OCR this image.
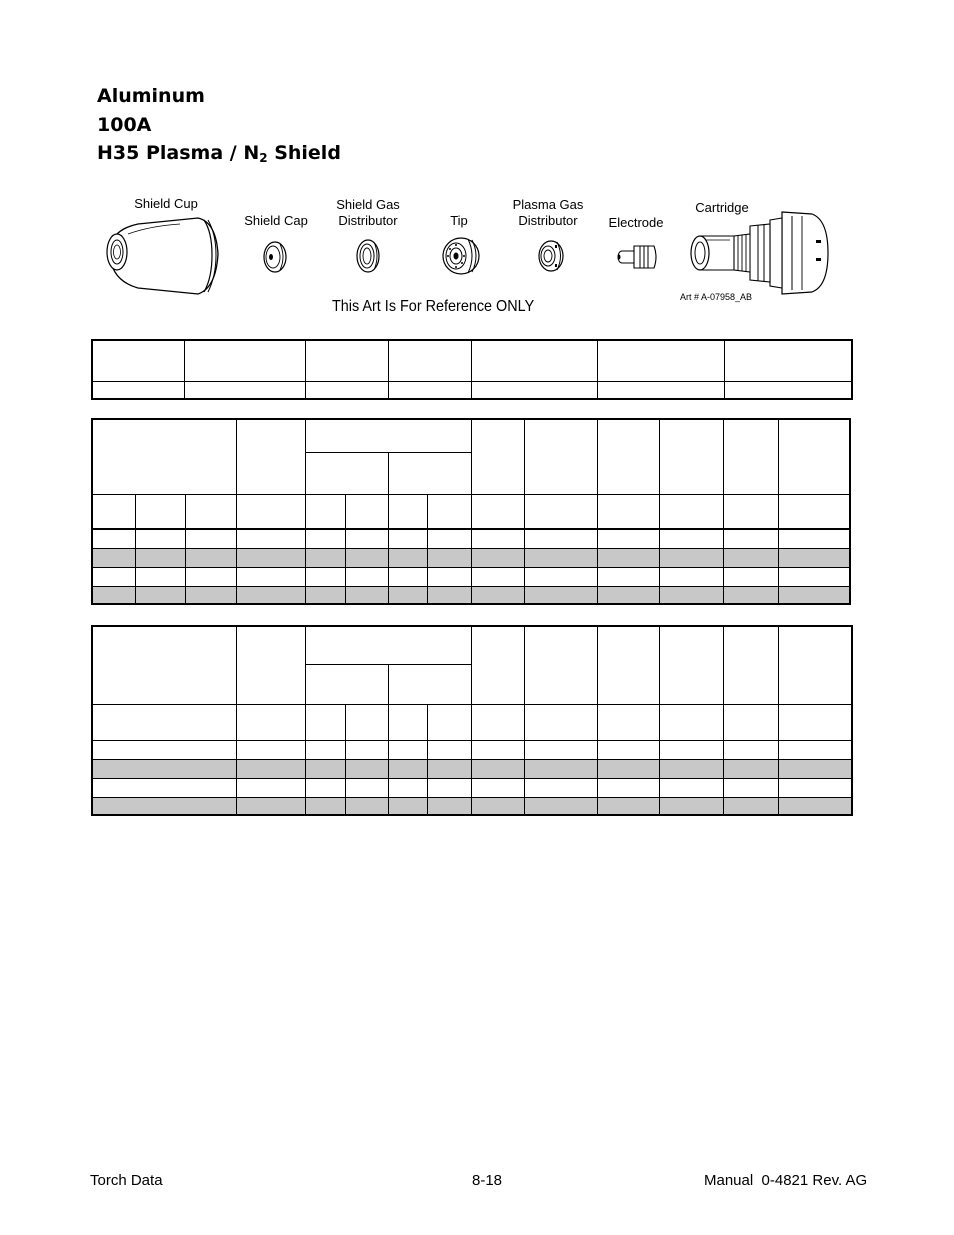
Aluminum
100A
H35 Plasma / $N_2$ Shield
Shield Cup
Shield Cap
Shield Gas
Distributor	Tip
Plasma Gas
Distributor	Electrode
Cartridge
This Art Is For Reference ONLY
Art # A-07958_AB

Torch Data	8-18	Manual  0-4821 Rev. AG
